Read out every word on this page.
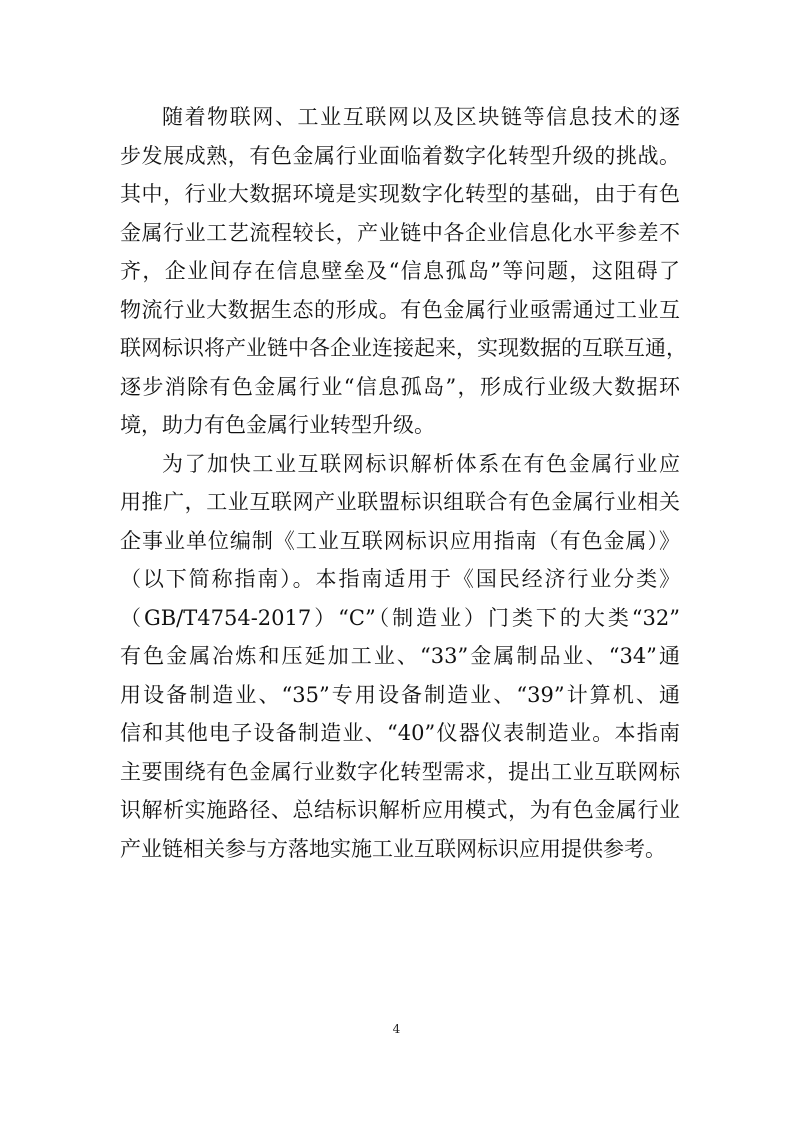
随着物联网、工业互联网以及区块链等信息技术的逐
步发展成熟，有色金属行业面临着数字化转型升级的挑战。
其中，行业大数据环境是实现数字化转型的基础，由于有色
金属行业工艺流程较长，产业链中各企业信息化水平参差不
齐，企业间存在信息壁垒及“信息孤岛”等问题，这阻碍了
物流行业大数据生态的形成。有色金属行业亟需通过工业互
联网标识将产业链中各企业连接起来，实现数据的互联互通，
逐步消除有色金属行业“信息孤岛”，形成行业级大数据环
境，助力有色金属行业转型升级。
为了加快工业互联网标识解析体系在有色金属行业应
用推广，工业互联网产业联盟标识组联合有色金属行业相关
企事业单位编制《工业互联网标识应用指南（有色金属）》
（以下简称指南）。本指南适用于《国民经济行业分类》
（GB/T4754-2017）“C”（制造业）门类下的大类“32”
有色金属冶炼和压延加工业、“33”金属制品业、“34”通
用设备制造业、“35”专用设备制造业、“39”计算机、通
信和其他电子设备制造业、“40”仪器仪表制造业。本指南
主要围绕有色金属行业数字化转型需求，提出工业互联网标
识解析实施路径、总结标识解析应用模式，为有色金属行业
产业链相关参与方落地实施工业互联网标识应用提供参考。
4
